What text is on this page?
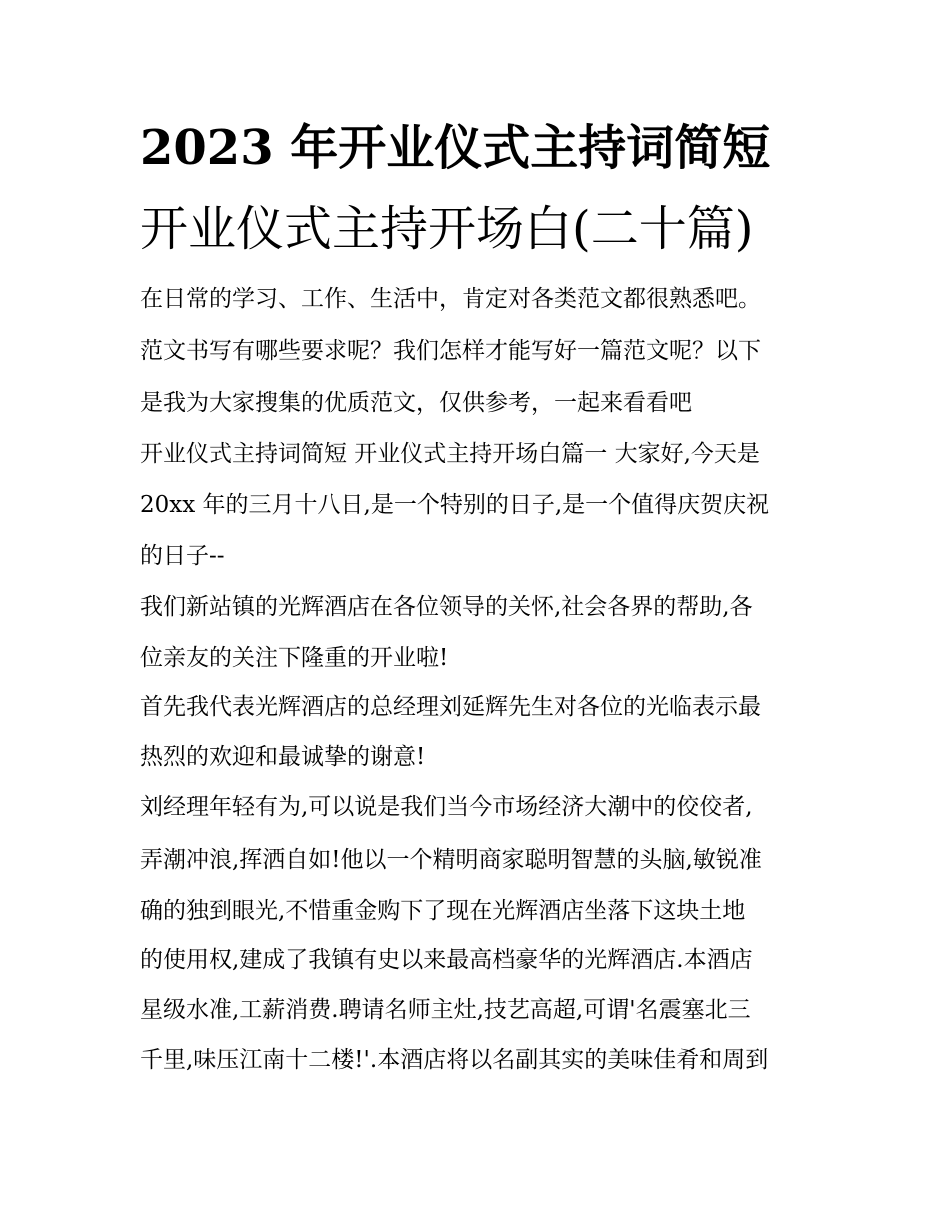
2023 年开业仪式主持词简短
开业仪式主持开场白(二十篇)

在日常的学习、工作、生活中，肯定对各类范文都很熟悉吧。

范文书写有哪些要求呢？我们怎样才能写好一篇范文呢？以下

是我为大家搜集的优质范文，仅供参考，一起来看看吧

开业仪式主持词简短 开业仪式主持开场白篇一 大家好,今天是

20xx 年的三月十八日,是一个特别的日子,是一个值得庆贺庆祝

的日子--

我们新站镇的光辉酒店在各位领导的关怀,社会各界的帮助,各

位亲友的关注下隆重的开业啦!

首先我代表光辉酒店的总经理刘延辉先生对各位的光临表示最

热烈的欢迎和最诚挚的谢意!

刘经理年轻有为,可以说是我们当今市场经济大潮中的佼佼者,

弄潮冲浪,挥洒自如!他以一个精明商家聪明智慧的头脑,敏锐准

确的独到眼光,不惜重金购下了现在光辉酒店坐落下这块土地

的使用权,建成了我镇有史以来最高档豪华的光辉酒店.本酒店

星级水准,工薪消费.聘请名师主灶,技艺高超,可谓'名震塞北三

千里,味压江南十二楼!'.本酒店将以名副其实的美味佳肴和周到
